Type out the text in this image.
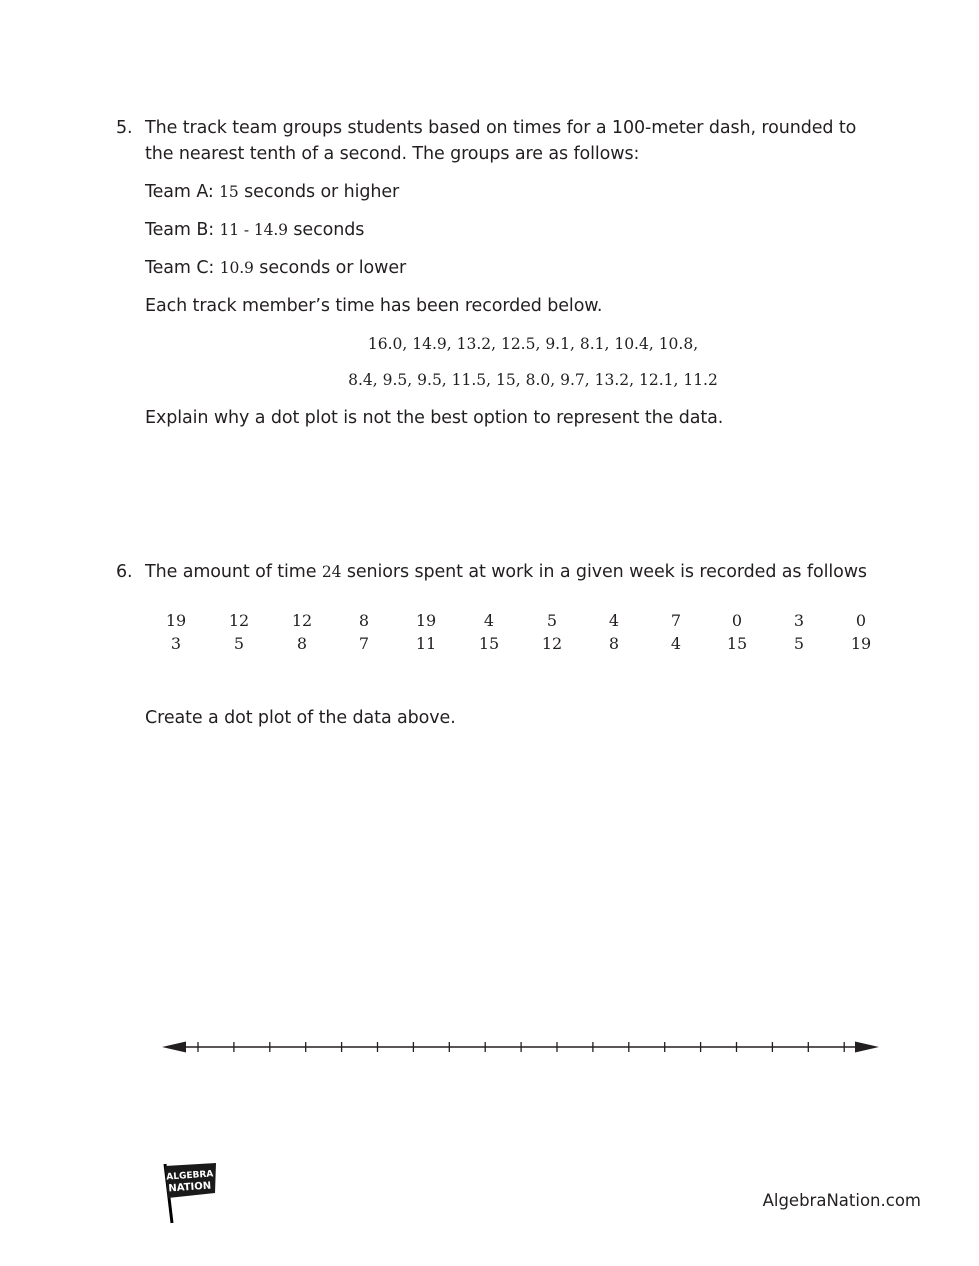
5. The track team groups students based on times for a 100-meter dash, rounded to
the nearest tenth of a second. The groups are as follows:
Team A: 15 seconds or higher
Team B: 11 - 14.9 seconds
Team C: 10.9 seconds or lower
Each track member’s time has been recorded below.
16.0, 14.9, 13.2, 12.5, 9.1, 8.1, 10.4, 10.8,
8.4, 9.5, 9.5, 11.5, 15, 8.0, 9.7, 13.2, 12.1, 11.2
Explain why a dot plot is not the best option to represent the data.
6. The amount of time 24 seniors spent at work in a given week is recorded as follows
19	12	12	8	19	4	5	4	7	0	3	0
3	5	8	7	11	15	12	8	4	15	5	19
Create a dot plot of the data above.
ALGEBRA
NATION
AlgebraNation.com
